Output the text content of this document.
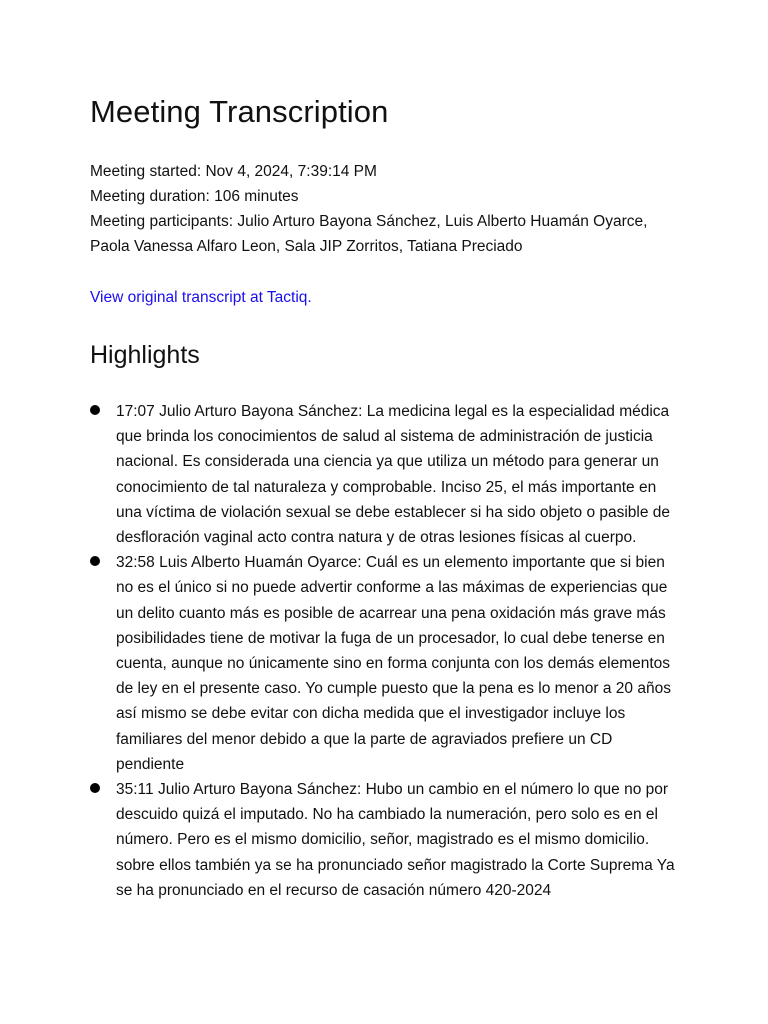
Meeting Transcription
Meeting started: Nov 4, 2024, 7:39:14 PM
Meeting duration: 106 minutes
Meeting participants: Julio Arturo Bayona Sánchez, Luis Alberto Huamán Oyarce,
Paola Vanessa Alfaro Leon, Sala JIP Zorritos, Tatiana Preciado
View original transcript at Tactiq.
Highlights
17:07 Julio Arturo Bayona Sánchez: La medicina legal es la especialidad médica que brinda los conocimientos de salud al sistema de administración de justicia nacional. Es considerada una ciencia ya que utiliza un método para generar un conocimiento de tal naturaleza y comprobable. Inciso 25, el más importante en una víctima de violación sexual se debe establecer si ha sido objeto o pasible de desfloración vaginal acto contra natura y de otras lesiones físicas al cuerpo.
32:58 Luis Alberto Huamán Oyarce: Cuál es un elemento importante que si bien no es el único si no puede advertir conforme a las máximas de experiencias que un delito cuanto más es posible de acarrear una pena oxidación más grave más posibilidades tiene de motivar la fuga de un procesador, lo cual debe tenerse en cuenta, aunque no únicamente sino en forma conjunta con los demás elementos de ley en el presente caso. Yo cumple puesto que la pena es lo menor a 20 años así mismo se debe evitar con dicha medida que el investigador incluye los familiares del menor debido a que la parte de agraviados prefiere un CD pendiente
35:11 Julio Arturo Bayona Sánchez: Hubo un cambio en el número lo que no por descuido quizá el imputado. No ha cambiado la numeración, pero solo es en el número. Pero es el mismo domicilio, señor, magistrado es el mismo domicilio. sobre ellos también ya se ha pronunciado señor magistrado la Corte Suprema Ya se ha pronunciado en el recurso de casación número 420-2024
